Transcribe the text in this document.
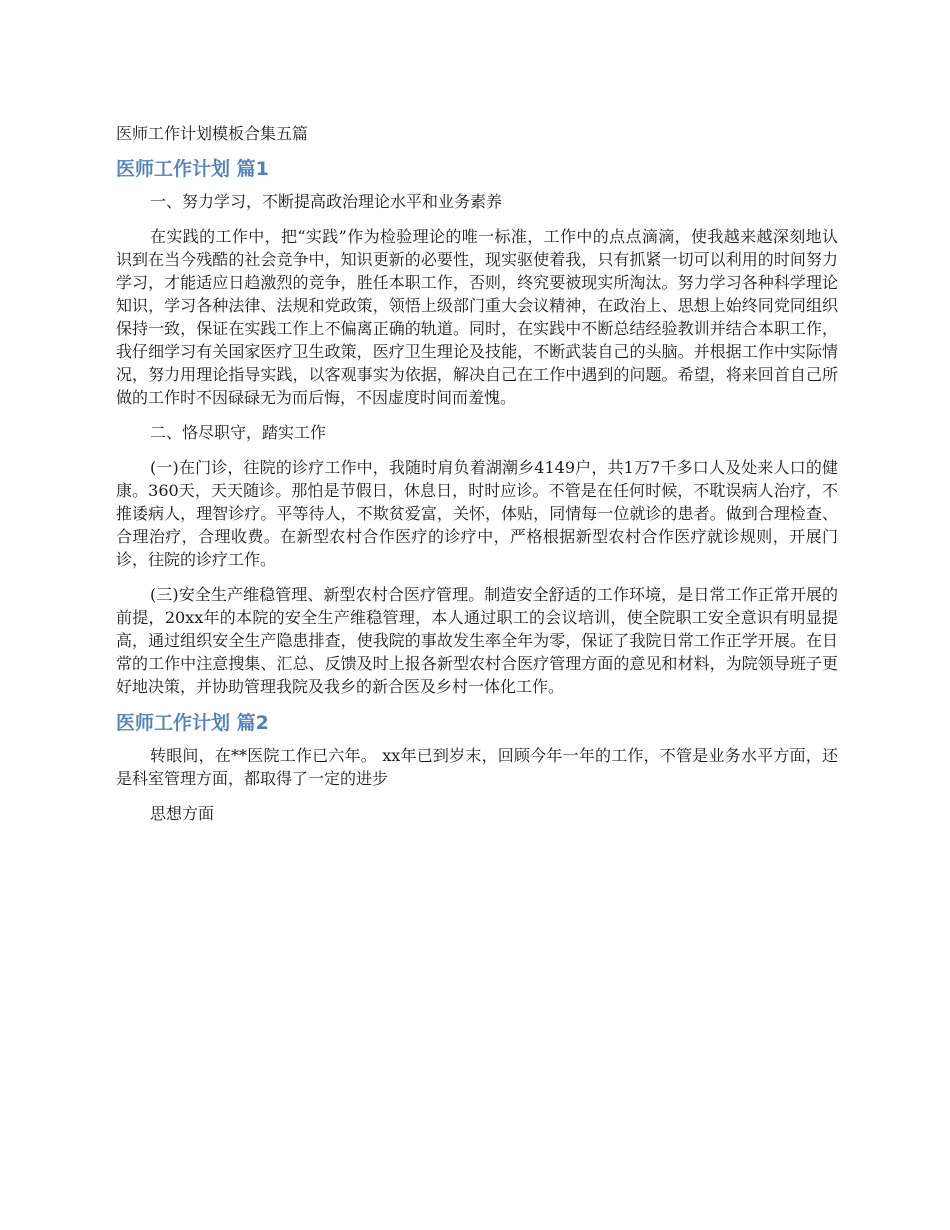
医师工作计划模板合集五篇
医师工作计划 篇1

一、努力学习，不断提高政治理论水平和业务素养

在实践的工作中，把“实践”作为检验理论的唯一标准，工作中的点点滴滴，使我越来越深刻地认识到在当今残酷的社会竞争中，知识更新的必要性，现实驱使着我，只有抓紧一切可以利用的时间努力学习，才能适应日趋激烈的竞争，胜任本职工作，否则，终究要被现实所淘汰。努力学习各种科学理论知识，学习各种法律、法规和党政策，领悟上级部门重大会议精神，在政治上、思想上始终同党同组织保持一致，保证在实践工作上不偏离正确的轨道。同时，在实践中不断总结经验教训并结合本职工作，我仔细学习有关国家医疗卫生政策，医疗卫生理论及技能，不断武装自己的头脑。并根据工作中实际情况，努力用理论指导实践，以客观事实为依据，解决自己在工作中遇到的问题。希望，将来回首自己所做的工作时不因碌碌无为而后悔，不因虚度时间而羞愧。

二、恪尽职守，踏实工作

(一)在门诊，往院的诊疗工作中，我随时肩负着湖潮乡4149户，共1万7千多口人及处来人口的健康。360天，天天随诊。那怕是节假日，休息日，时时应诊。不管是在任何时候，不耽误病人治疗，不推诿病人，理智诊疗。平等待人，不欺贫爱富，关怀，体贴，同情每一位就诊的患者。做到合理检查、合理治疗，合理收费。在新型农村合作医疗的诊疗中，严格根据新型农村合作医疗就诊规则，开展门诊，往院的诊疗工作。

(三)安全生产维稳管理、新型农村合医疗管理。制造安全舒适的工作环境，是日常工作正常开展的前提，20xx年的本院的安全生产维稳管理，本人通过职工的会议培训，使全院职工安全意识有明显提高，通过组织安全生产隐患排查，使我院的事故发生率全年为零，保证了我院日常工作正学开展。在日常的工作中注意搜集、汇总、反馈及时上报各新型农村合医疗管理方面的意见和材料，为院领导班子更好地决策，并协助管理我院及我乡的新合医及乡村一体化工作。

医师工作计划 篇2

转眼间，在**医院工作已六年。 xx年已到岁末，回顾今年一年的工作，不管是业务水平方面，还是科室管理方面，都取得了一定的进步

思想方面
